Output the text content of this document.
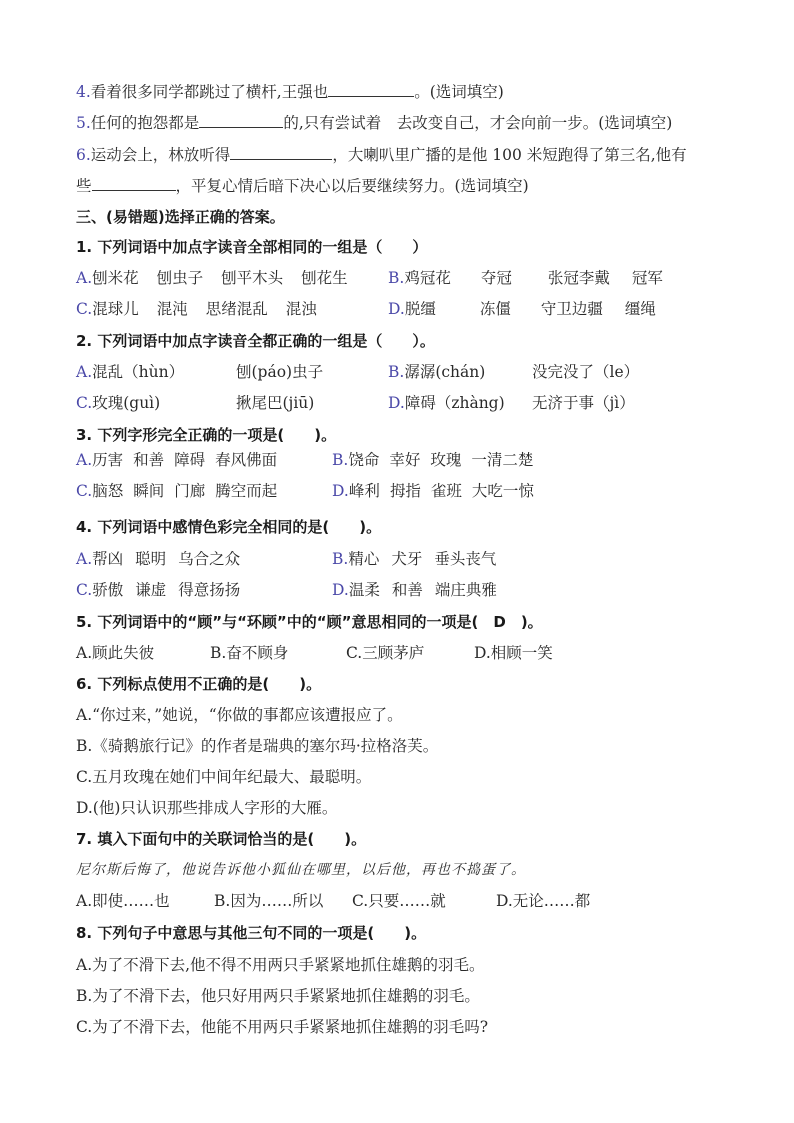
4.看着很多同学都跳过了横杆,王强也	。(选词填空)
5.任何的抱怨都是	的,只有尝试着　去改变自己，才会向前一步。(选词填空)
6.运动会上，林放听得	，大喇叭里广播的是他 100 米短跑得了第三名,他有
些	，平复心情后暗下决心以后要继续努力。(选词填空)
三、(易错题)选择正确的答案。
1. 下列词语中加点字读音全部相同的一组是（　　）
A.刨米花 刨虫子 刨平木头 刨花生	B.鸡冠花 夺冠 张冠李戴 冠军
C.混球儿 混沌 思绪混乱 混浊	D.脱缰	冻僵 守卫边疆 缰绳
2. 下列词语中加点字读音全都正确的一组是（　　）。
A.混乱（hùn）	刨(páo)虫子	B.潺潺(chán)	没完没了（le）
C.玫瑰(guì)	揪尾巴(jiū)	D.障碍（zhàng) 无济于事（jì）
3. 下列字形完全正确的一项是(　　)。
A.历害 和善 障碍 春风佛面	B.饶命 幸好 玫瑰 一清二楚
C.脑怒 瞬间 门廊 腾空而起	D.峰利 拇指 雀班 大吃一惊
4. 下列词语中感情色彩完全相同的是(　　)。
A.帮凶 聪明 乌合之众	B.精心 犬牙 垂头丧气
C.骄傲 谦虚 得意扬扬	D.温柔 和善 端庄典雅
5. 下列词语中的“顾”与“环顾”中的“顾”意思相同的一项是(　D　)。
A.顾此失彼	B.奋不顾身	C.三顾茅庐	D.相顾一笑
6. 下列标点使用不正确的是(　　)。
A.“你过来，”她说，“你做的事都应该遭报应了。
B.《骑鹅旅行记》的作者是瑞典的塞尔玛·拉格洛芙。
C.五月玫瑰在她们中间年纪最大、最聪明。
D.(他)只认识那些排成人字形的大雁。
7. 填入下面句中的关联词恰当的是(　　)。
尼尔斯后悔了，他说告诉他小狐仙在哪里，以后他，再也不捣蛋了。
A.即使……也	B.因为……所以 C.只要……就	D.无论……都
8. 下列句子中意思与其他三句不同的一项是(　　)。
A.为了不滑下去,他不得不用两只手紧紧地抓住雄鹅的羽毛。
B.为了不滑下去，他只好用两只手紧紧地抓住雄鹅的羽毛。
C.为了不滑下去，他能不用两只手紧紧地抓住雄鹅的羽毛吗?
